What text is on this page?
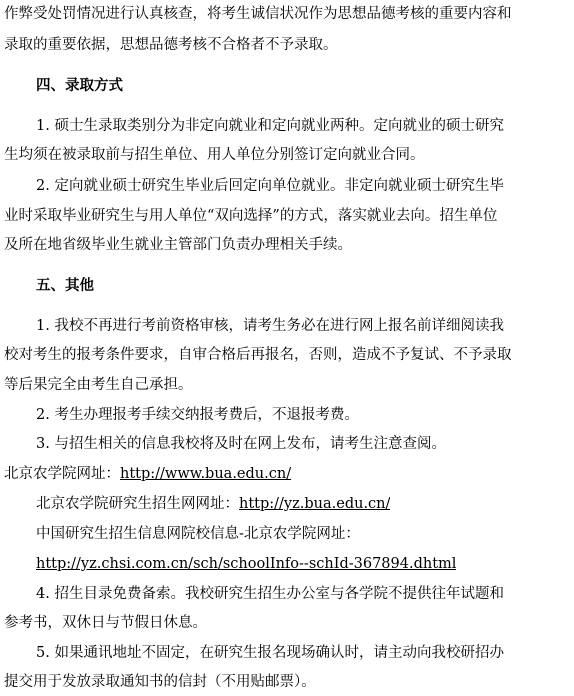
作弊受处罚情况进行认真核查，将考生诚信状况作为思想品德考核的重要内容和
录取的重要依据，思想品德考核不合格者不予录取。
四、录取方式
1. 硕士生录取类别分为非定向就业和定向就业两种。定向就业的硕士研究
生均须在被录取前与招生单位、用人单位分别签订定向就业合同。
2. 定向就业硕士研究生毕业后回定向单位就业。非定向就业硕士研究生毕
业时采取毕业研究生与用人单位“双向选择”的方式，落实就业去向。招生单位
及所在地省级毕业生就业主管部门负责办理相关手续。
五、其他
1. 我校不再进行考前资格审核，请考生务必在进行网上报名前详细阅读我
校对考生的报考条件要求，自审合格后再报名，否则，造成不予复试、不予录取
等后果完全由考生自己承担。
2. 考生办理报考手续交纳报考费后，不退报考费。
3. 与招生相关的信息我校将及时在网上发布，请考生注意查阅。
北京农学院网址：http://www.bua.edu.cn/
北京农学院研究生招生网网址：http://yz.bua.edu.cn/
中国研究生招生信息网院校信息-北京农学院网址：
http://yz.chsi.com.cn/sch/schoolInfo--schId-367894.dhtml
4. 招生目录免费备索。我校研究生招生办公室与各学院不提供往年试题和
参考书，双休日与节假日休息。
5. 如果通讯地址不固定，在研究生报名现场确认时，请主动向我校研招办
提交用于发放录取通知书的信封（不用贴邮票）。
